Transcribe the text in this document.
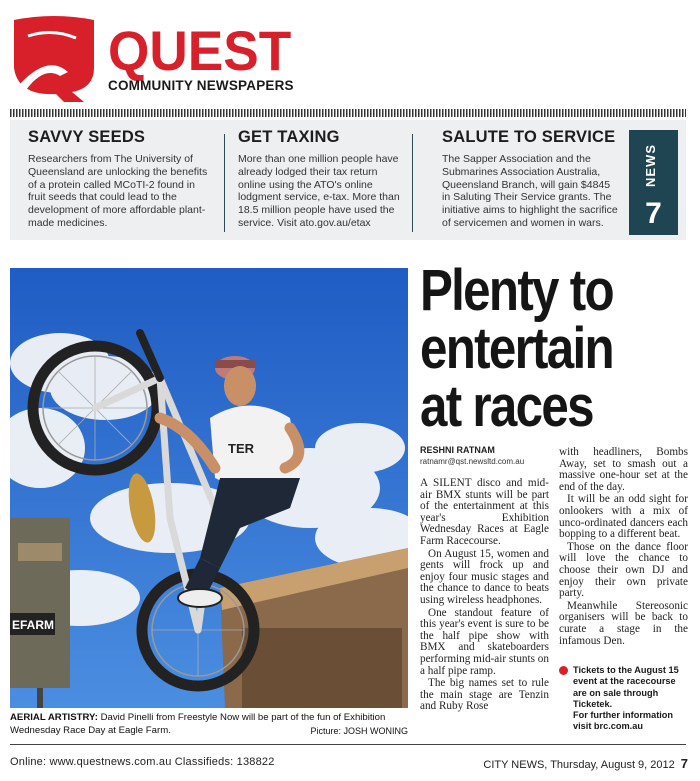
QUEST
COMMUNITY NEWSPAPERS
SAVVY SEEDS

Researchers from The University of Queensland are unlocking the benefits of a protein called MCoTI-2 found in fruit seeds that could lead to the development of more affordable plant-made medicines.

GET TAXING

More than one million people have already lodged their tax return online using the ATO's online lodgment service, e-tax. More than 18.5 million people have used the service. Visit ato.gov.au/etax

SALUTE TO SERVICE

The Sapper Association and the Submarines Association Australia, Queensland Branch, will gain $4845 in Saluting Their Service grants. The initiative aims to highlight the sacrifice of servicemen and women in wars.

NEWS
7
EFARM
TER
AERIAL ARTISTRY: David Pinelli from Freestyle Now will be part of the fun of Exhibition Wednesday Race Day at Eagle Farm.	Picture: JOSH WONING
Plenty to
entertain
at races
RESHNI RATNAM
ratnamr@qst.newsltd.com.au

A SILENT disco and mid-air BMX stunts will be part of the entertainment at this year's Exhibition Wednesday Races at Eagle Farm Racecourse.

On August 15, women and gents will frock up and enjoy four music stages and the chance to dance to beats using wireless headphones.

One standout feature of this year's event is sure to be the half pipe show with BMX and skateboarders performing mid-air stunts on a half pipe ramp.

The big names set to rule the main stage are Tenzin and Ruby Rose

with headliners, Bombs Away, set to smash out a massive one-hour set at the end of the day.

It will be an odd sight for onlookers with a mix of unco-ordinated dancers each bopping to a different beat.

Those on the dance floor will love the chance to choose their own DJ and enjoy their own private party.

Meanwhile Stereosonic organisers will be back to curate a stage in the infamous Den.

Tickets to the August 15 event at the racecourse are on sale through Ticketek.
For further information visit brc.com.au
Online: www.questnews.com.au Classifieds: 138822	CITY NEWS, Thursday, August 9, 2012 7
